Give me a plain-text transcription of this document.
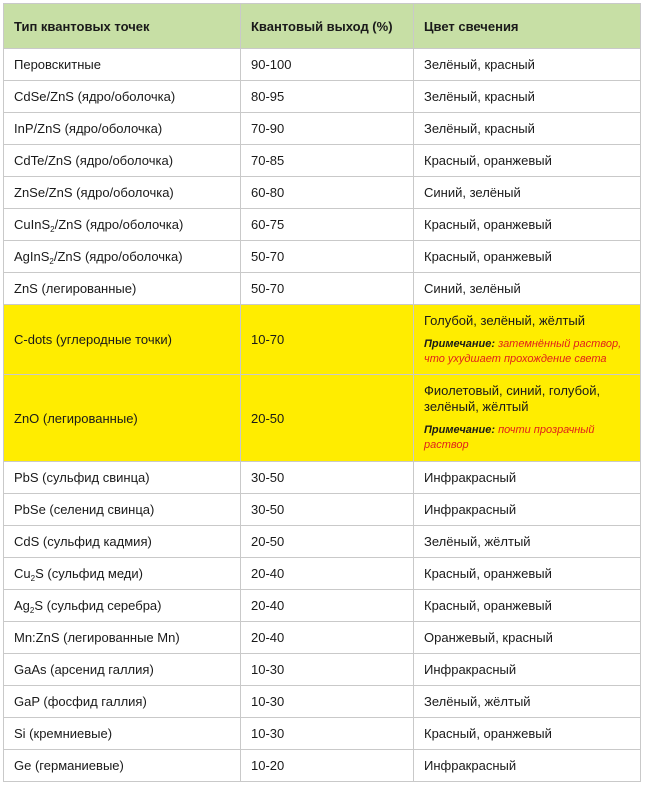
Тип квантовых точек	Квантовый выход (%)	Цвет свечения
Перовскитные	90-100	Зелёный, красный
CdSe/ZnS (ядро/оболочка)	80-95	Зелёный, красный
InP/ZnS (ядро/оболочка)	70-90	Зелёный, красный
CdTe/ZnS (ядро/оболочка)	70-85	Красный, оранжевый
ZnSe/ZnS (ядро/оболочка)	60-80	Синий, зелёный
CuInS$_2$/ZnS (ядро/оболочка)	60-75	Красный, оранжевый
AgInS$_2$/ZnS (ядро/оболочка)	50-70	Красный, оранжевый
ZnS (легированные)	50-70	Синий, зелёный
C-dots (углеродные точки)	10-70	Голубой, зелёный, жёлтый
Примечание: затемнённый раствор, что ухудшает прохождение света

ZnO (легированные)	20-50	Фиолетовый, синий, голубой, зелёный, жёлтый
Примечание: почти прозрачный раствор

PbS (сульфид свинца)	30-50	Инфракрасный
PbSe (селенид свинца)	30-50	Инфракрасный
CdS (сульфид кадмия)	20-50	Зелёный, жёлтый
$Cu_2S$ (сульфид меди)	20-40	Красный, оранжевый
$Ag_2S$ (сульфид серебра)	20-40	Красный, оранжевый
Mn:ZnS (легированные Mn)	20-40	Оранжевый, красный
GaAs (арсенид галлия)	10-30	Инфракрасный
GaP (фосфид галлия)	10-30	Зелёный, жёлтый
Si (кремниевые)	10-30	Красный, оранжевый
Ge (германиевые)	10-20	Инфракрасный
